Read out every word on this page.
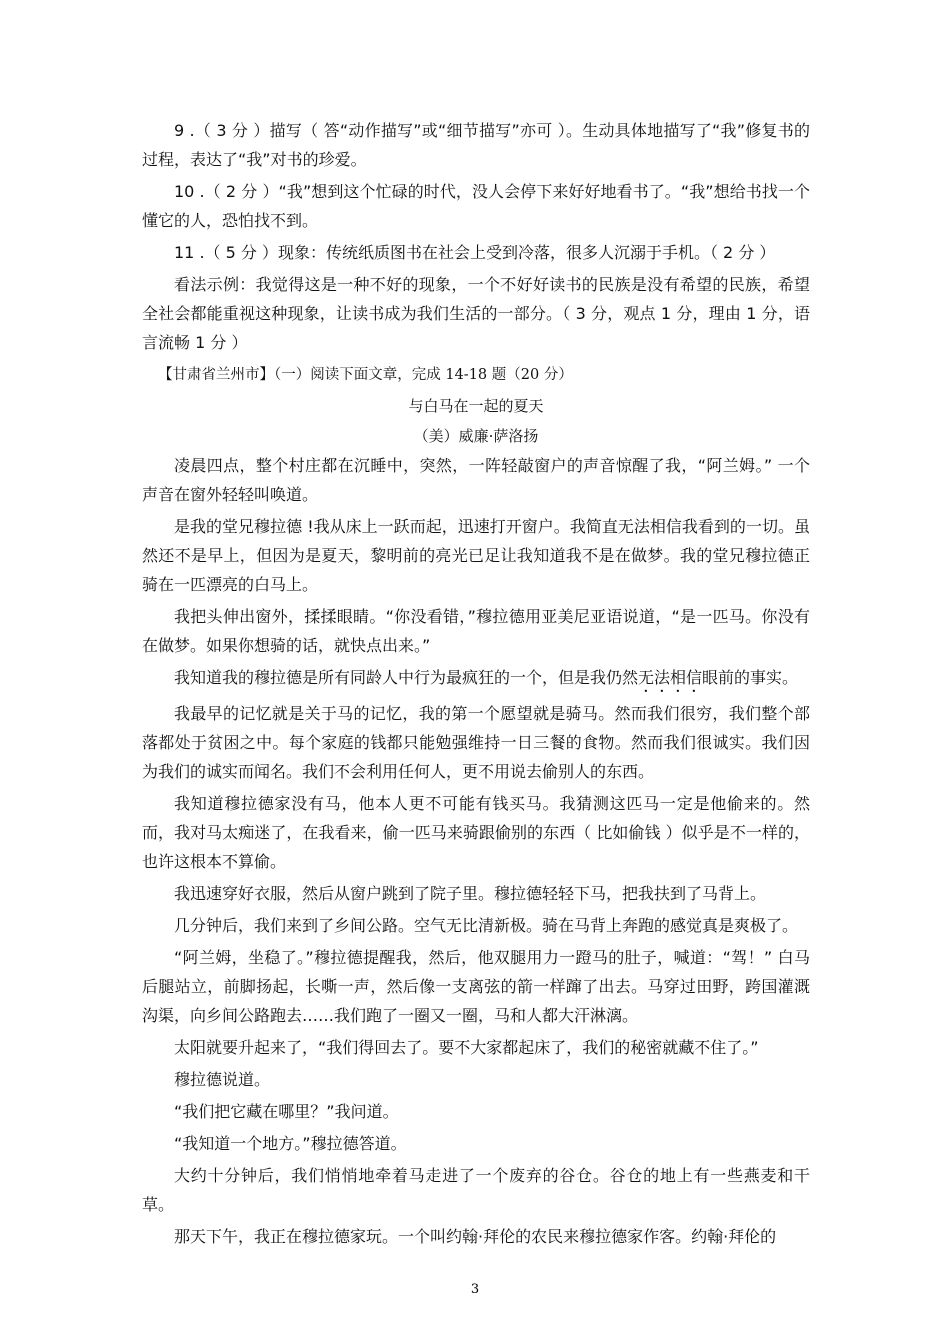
9 .（ 3 分 ）描写（ 答“动作描写”或“细节描写”亦可 ）。生动具体地描写了“我”修复书的过程，表达了“我”对书的珍爱。

10 .（ 2 分 ）“我”想到这个忙碌的时代，没人会停下来好好地看书了。“我”想给书找一个懂它的人，恐怕找不到。

11 .（ 5 分 ）现象：传统纸质图书在社会上受到冷落，很多人沉溺于手机。（ 2 分 ）

看法示例：我觉得这是一种不好的现象，一个不好好读书的民族是没有希望的民族，希望全社会都能重视这种现象，让读书成为我们生活的一部分。（ 3 分，观点 1 分，理由 1 分，语言流畅 1 分 ）

【甘肃省兰州市】（一）阅读下面文章，完成 14-18 题（20 分）

与白马在一起的夏天

（美）威廉·萨洛扬

凌晨四点，整个村庄都在沉睡中，突然，一阵轻敲窗户的声音惊醒了我，“阿兰姆。” 一个声音在窗外轻轻叫唤道。

是我的堂兄穆拉德 !我从床上一跃而起，迅速打开窗户。我简直无法相信我看到的一切。虽然还不是早上，但因为是夏天，黎明前的亮光已足让我知道我不是在做梦。我的堂兄穆拉德正骑在一匹漂亮的白马上。

我把头伸出窗外，揉揉眼睛。“你没看错，”穆拉德用亚美尼亚语说道，“是一匹马。你没有在做梦。如果你想骑的话，就快点出来。”

我知道我的穆拉德是所有同龄人中行为最疯狂的一个，但是我仍然无法相信眼前的事实。

我最早的记忆就是关于马的记忆，我的第一个愿望就是骑马。然而我们很穷，我们整个部落都处于贫困之中。每个家庭的钱都只能勉强维持一日三餐的食物。然而我们很诚实。我们因为我们的诚实而闻名。我们不会利用任何人，更不用说去偷别人的东西。

我知道穆拉德家没有马，他本人更不可能有钱买马。我猜测这匹马一定是他偷来的。然而，我对马太痴迷了，在我看来，偷一匹马来骑跟偷别的东西（ 比如偷钱 ）似乎是不一样的，也许这根本不算偷。

我迅速穿好衣服，然后从窗户跳到了院子里。穆拉德轻轻下马，把我扶到了马背上。

几分钟后，我们来到了乡间公路。空气无比清新极。骑在马背上奔跑的感觉真是爽极了。

“阿兰姆，坐稳了。”穆拉德提醒我，然后，他双腿用力一蹬马的肚子，喊道：“驾！” 白马后腿站立，前脚扬起，长嘶一声，然后像一支离弦的箭一样蹿了出去。马穿过田野，跨国灌溉沟渠，向乡间公路跑去……我们跑了一圈又一圈，马和人都大汗淋漓。

太阳就要升起来了，“我们得回去了。要不大家都起床了，我们的秘密就藏不住了。”

穆拉德说道。

“我们把它藏在哪里？”我问道。

“我知道一个地方。”穆拉德答道。

大约十分钟后，我们悄悄地牵着马走进了一个废弃的谷仓。谷仓的地上有一些燕麦和干草。

那天下午，我正在穆拉德家玩。一个叫约翰·拜伦的农民来穆拉德家作客。约翰·拜伦的

3
